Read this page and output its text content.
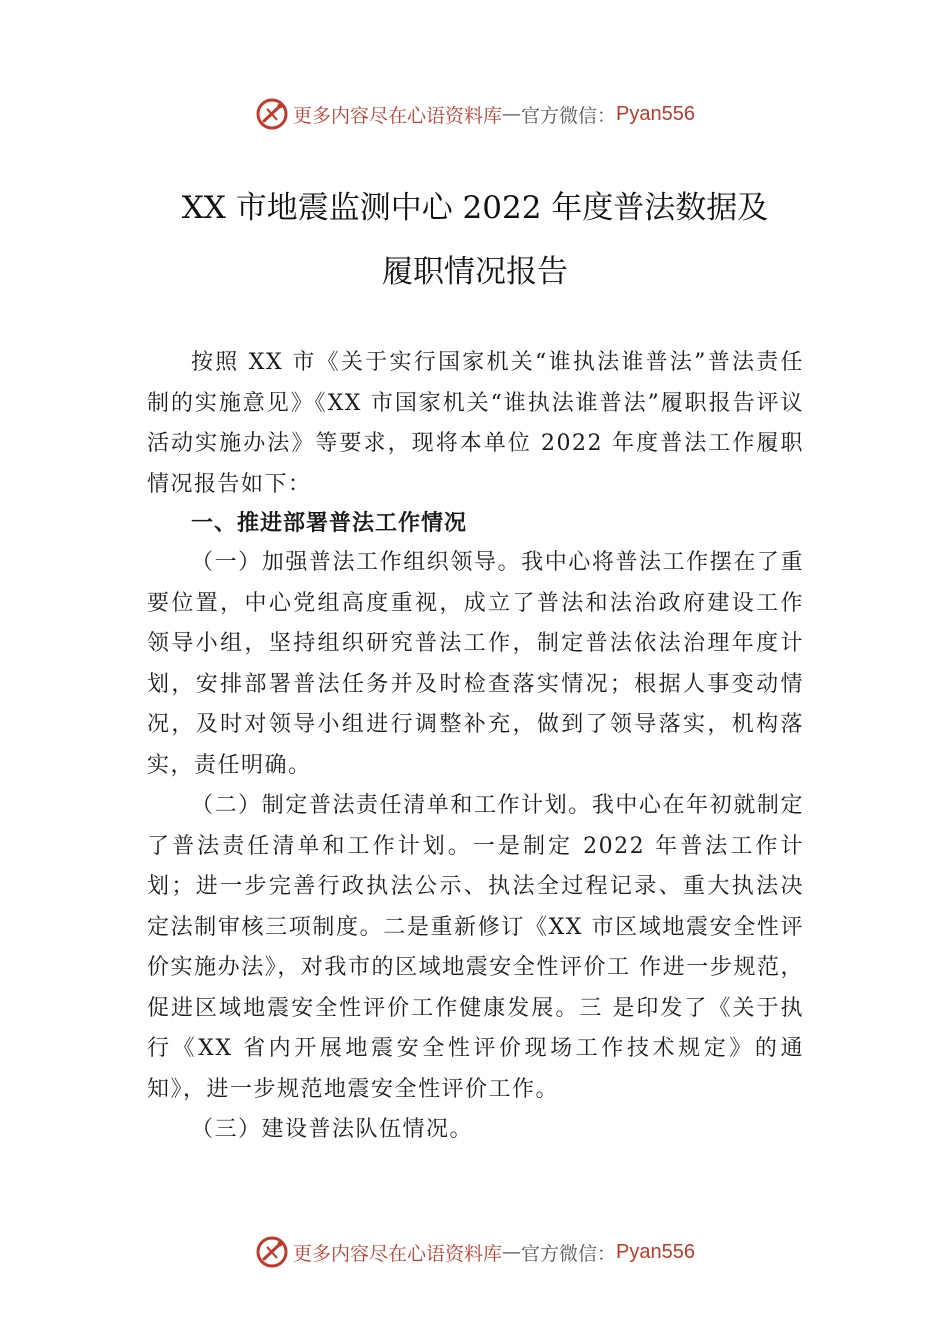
更多内容尽在心语资料库 — 官方微信： Pyan556
XX 市地震监测中心 2022 年度普法数据及
履职情况报告

按照 XX 市《关于实行国家机关“谁执法谁普法”普法责任制的实施意见》《XX 市国家机关“谁执法谁普法”履职报告评议活动实施办法》等要求，现将本单位 2022 年度普法工作履职情况报告如下：

一、推进部署普法工作情况

（一）加强普法工作组织领导。我中心将普法工作摆在了重要位置，中心党组高度重视，成立了普法和法治政府建设工作领导小组，坚持组织研究普法工作，制定普法依法治理年度计划，安排部署普法任务并及时检查落实情况；根据人事变动情况，及时对领导小组进行调整补充，做到了领导落实，机构落实，责任明确。

（二）制定普法责任清单和工作计划。我中心在年初就制定了普法责任清单和工作计划。一是制定 2022 年普法工作计划；进一步完善行政执法公示、执法全过程记录、重大执法决定法制审核三项制度。二是重新修订《XX 市区域地震安全性评价实施办法》，对我市的区域地震安全性评价工 作进一步规范，促进区域地震安全性评价工作健康发展。三 是印发了《关于执行《XX 省内开展地震安全性评价现场工作技术规定》的通知》，进一步规范地震安全性评价工作。

（三）建设普法队伍情况。

更多内容尽在心语资料库 — 官方微信： Pyan556
